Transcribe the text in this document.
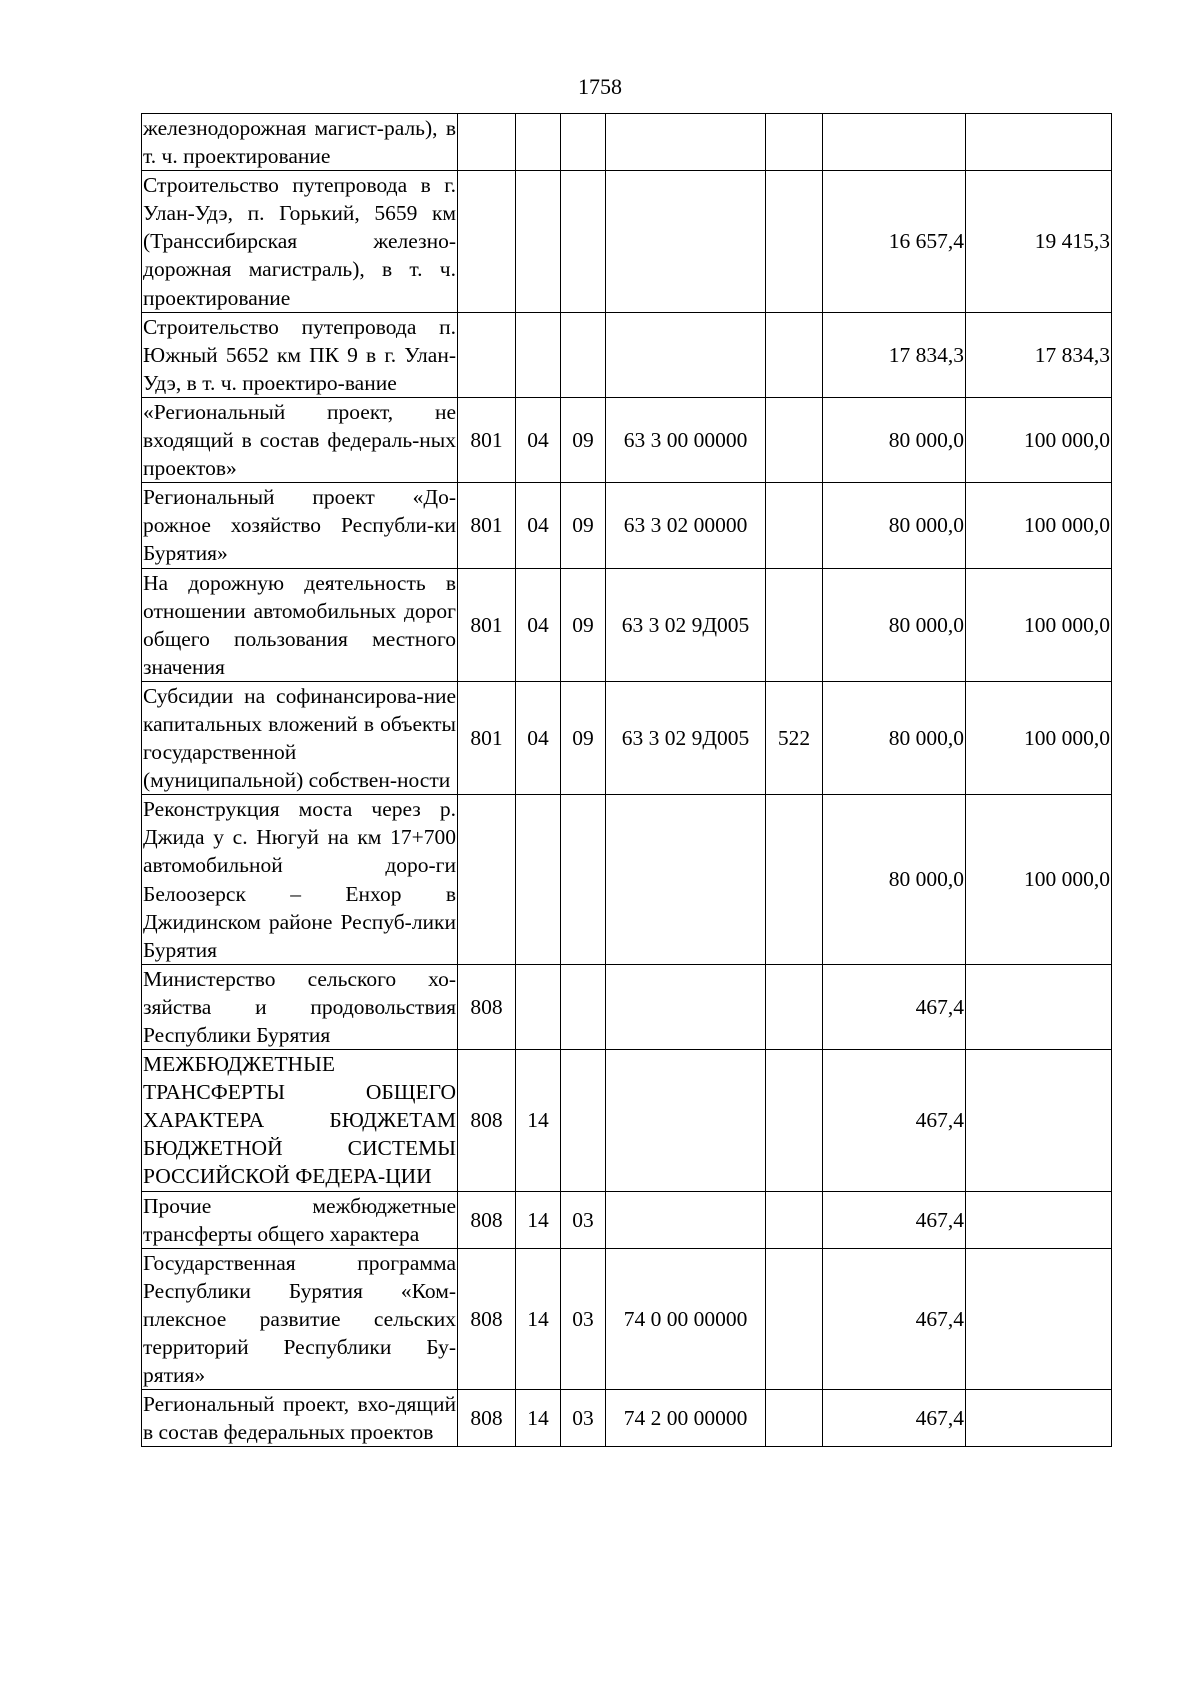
1758
железнодорожная магист-раль), в т. ч. проектирование							
Строительство путепровода в г. Улан-Удэ, п. Горький, 5659 км (Транссибирская железно-дорожная магистраль), в т. ч. проектирование						16 657,4	19 415,3
Строительство путепровода п. Южный 5652 км ПК 9 в г. Улан-Удэ, в т. ч. проектиро-вание						17 834,3	17 834,3
«Региональный проект, не входящий в состав федераль-ных проектов»	801	04	09	63 3 00 00000		80 000,0	100 000,0
Региональный проект «До-рожное хозяйство Республи-ки Бурятия»	801	04	09	63 3 02 00000		80 000,0	100 000,0
На дорожную деятельность в отношении автомобильных дорог общего пользования местного значения	801	04	09	63 3 02 9Д005		80 000,0	100 000,0
Субсидии на софинансирова-ние капитальных вложений в объекты государственной (муниципальной) собствен-ности	801	04	09	63 3 02 9Д005	522	80 000,0	100 000,0
Реконструкция моста через р. Джида у с. Нюгуй на км 17+700 автомобильной доро-ги Белоозерск – Енхор в Джидинском районе Респуб-лики Бурятия						80 000,0	100 000,0
Министерство сельского хо-зяйства и продовольствия Республики Бурятия	808					467,4	
МЕЖБЮДЖЕТНЫЕ ТРАНСФЕРТЫ ОБЩЕГО ХАРАКТЕРА БЮДЖЕТАМ БЮДЖЕТНОЙ СИСТЕМЫ РОССИЙСКОЙ ФЕДЕРА-ЦИИ	808	14				467,4	
Прочие межбюджетные трансферты общего характера	808	14	03			467,4	
Государственная программа Республики Бурятия «Ком-плексное развитие сельских территорий Республики Бу-рятия»	808	14	03	74 0 00 00000		467,4	
Региональный проект, вхо-дящий в состав федеральных проектов	808	14	03	74 2 00 00000		467,4	
